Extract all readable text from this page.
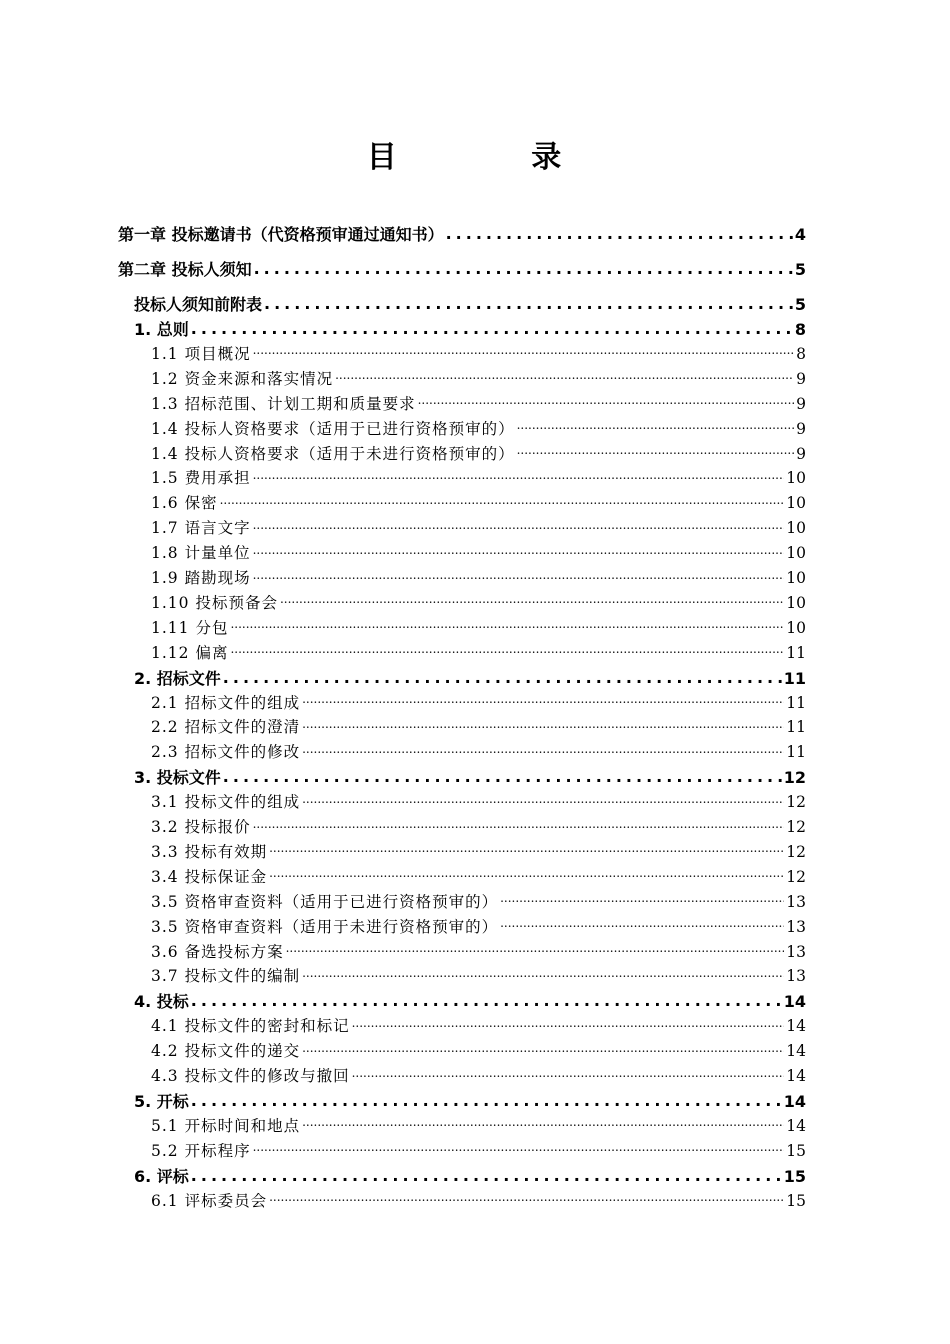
目 录
第一章 投标邀请书（代资格预审通过通知书） .....	4
第二章 投标人须知 .....	5
投标人须知前附表 .....	5
1. 总则 .....	8
1.1 项目概况 .....	8
1.2 资金来源和落实情况 .....	9
1.3 招标范围、计划工期和质量要求 .....	9
1.4 投标人资格要求（适用于已进行资格预审的） .....	9
1.4 投标人资格要求（适用于未进行资格预审的） .....	9
1.5 费用承担 .....	10
1.6 保密 .....	10
1.7 语言文字 .....	10
1.8 计量单位 .....	10
1.9 踏勘现场 .....	10
1.10 投标预备会 .....	10
1.11 分包 .....	10
1.12 偏离 .....	11
2. 招标文件 .....	11
2.1 招标文件的组成 .....	11
2.2 招标文件的澄清 .....	11
2.3 招标文件的修改 .....	11
3. 投标文件 .....	12
3.1 投标文件的组成 .....	12
3.2 投标报价 .....	12
3.3 投标有效期 .....	12
3.4 投标保证金 .....	12
3.5 资格审查资料（适用于已进行资格预审的） .....	13
3.5 资格审查资料（适用于未进行资格预审的） .....	13
3.6 备选投标方案 .....	13
3.7 投标文件的编制 .....	13
4. 投标 .....	14
4.1 投标文件的密封和标记 .....	14
4.2 投标文件的递交 .....	14
4.3 投标文件的修改与撤回 .....	14
5. 开标 .....	14
5.1 开标时间和地点 .....	14
5.2 开标程序 .....	15
6. 评标 .....	15
6.1 评标委员会 .....	15
